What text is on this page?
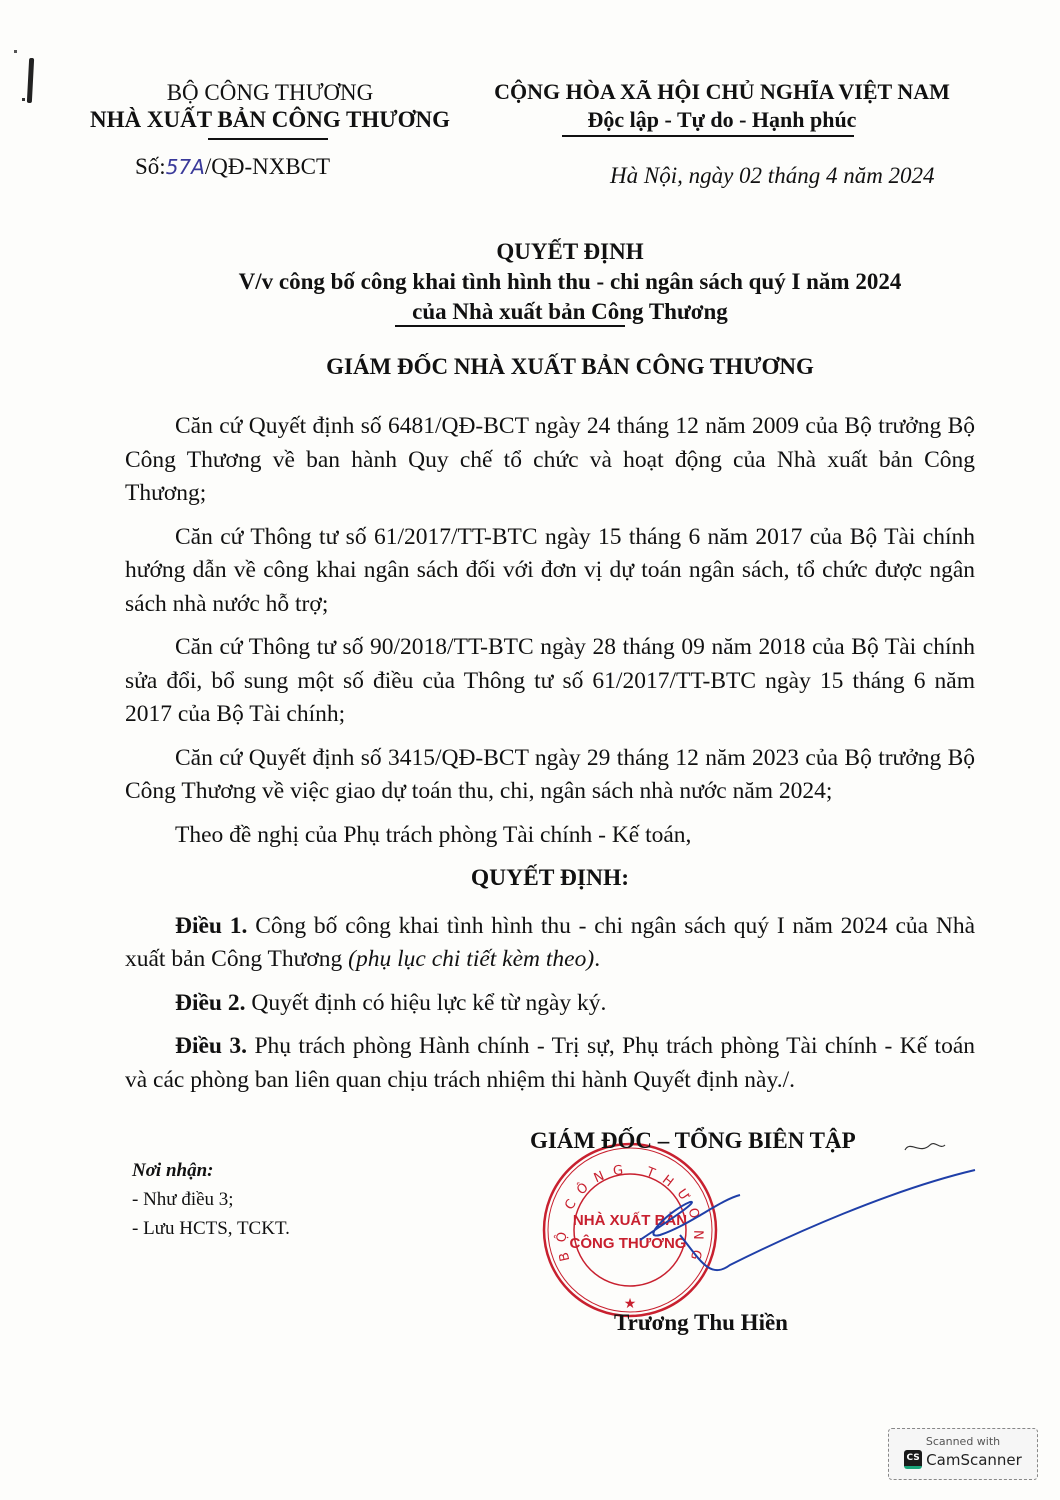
BỘ CÔNG THƯƠNG
NHÀ XUẤT BẢN CÔNG THƯƠNG
Số:57A/QĐ-NXBCT
CỘNG HÒA XÃ HỘI CHỦ NGHĨA VIỆT NAM
Độc lập - Tự do - Hạnh phúc
Hà Nội, ngày 02 tháng 4 năm 2024
QUYẾT ĐỊNH
V/v công bố công khai tình hình thu - chi ngân sách quý I năm 2024
của Nhà xuất bản Công Thương
GIÁM ĐỐC NHÀ XUẤT BẢN CÔNG THƯƠNG

Căn cứ Quyết định số 6481/QĐ-BCT ngày 24 tháng 12 năm 2009 của Bộ trưởng Bộ Công Thương về ban hành Quy chế tổ chức và hoạt động của Nhà xuất bản Công Thương;

Căn cứ Thông tư số 61/2017/TT-BTC ngày 15 tháng 6 năm 2017 của Bộ Tài chính hướng dẫn về công khai ngân sách đối với đơn vị dự toán ngân sách, tổ chức được ngân sách nhà nước hỗ trợ;

Căn cứ Thông tư số 90/2018/TT-BTC ngày 28 tháng 09 năm 2018 của Bộ Tài chính sửa đổi, bổ sung một số điều của Thông tư số 61/2017/TT-BTC ngày 15 tháng 6 năm 2017 của Bộ Tài chính;

Căn cứ Quyết định số 3415/QĐ-BCT ngày 29 tháng 12 năm 2023 của Bộ trưởng Bộ Công Thương về việc giao dự toán thu, chi, ngân sách nhà nước năm 2024;

Theo đề nghị của Phụ trách phòng Tài chính - Kế toán,

QUYẾT ĐỊNH:

Điều 1. Công bố công khai tình hình thu - chi ngân sách quý I năm 2024 của Nhà xuất bản Công Thương (phụ lục chi tiết kèm theo).

Điều 2. Quyết định có hiệu lực kể từ ngày ký.

Điều 3. Phụ trách phòng Hành chính - Trị sự, Phụ trách phòng Tài chính - Kế toán và các phòng ban liên quan chịu trách nhiệm thi hành Quyết định này./.

Nơi nhận:
- Như điều 3;
- Lưu HCTS, TCKT.
BỘ CÔNG THƯƠNG
NHÀ XUẤT BẢN
CÔNG THƯƠNG
★
GIÁM ĐỐC – TỔNG BIÊN TẬP
Trương Thu Hiền
Scanned with
CS CamScanner
